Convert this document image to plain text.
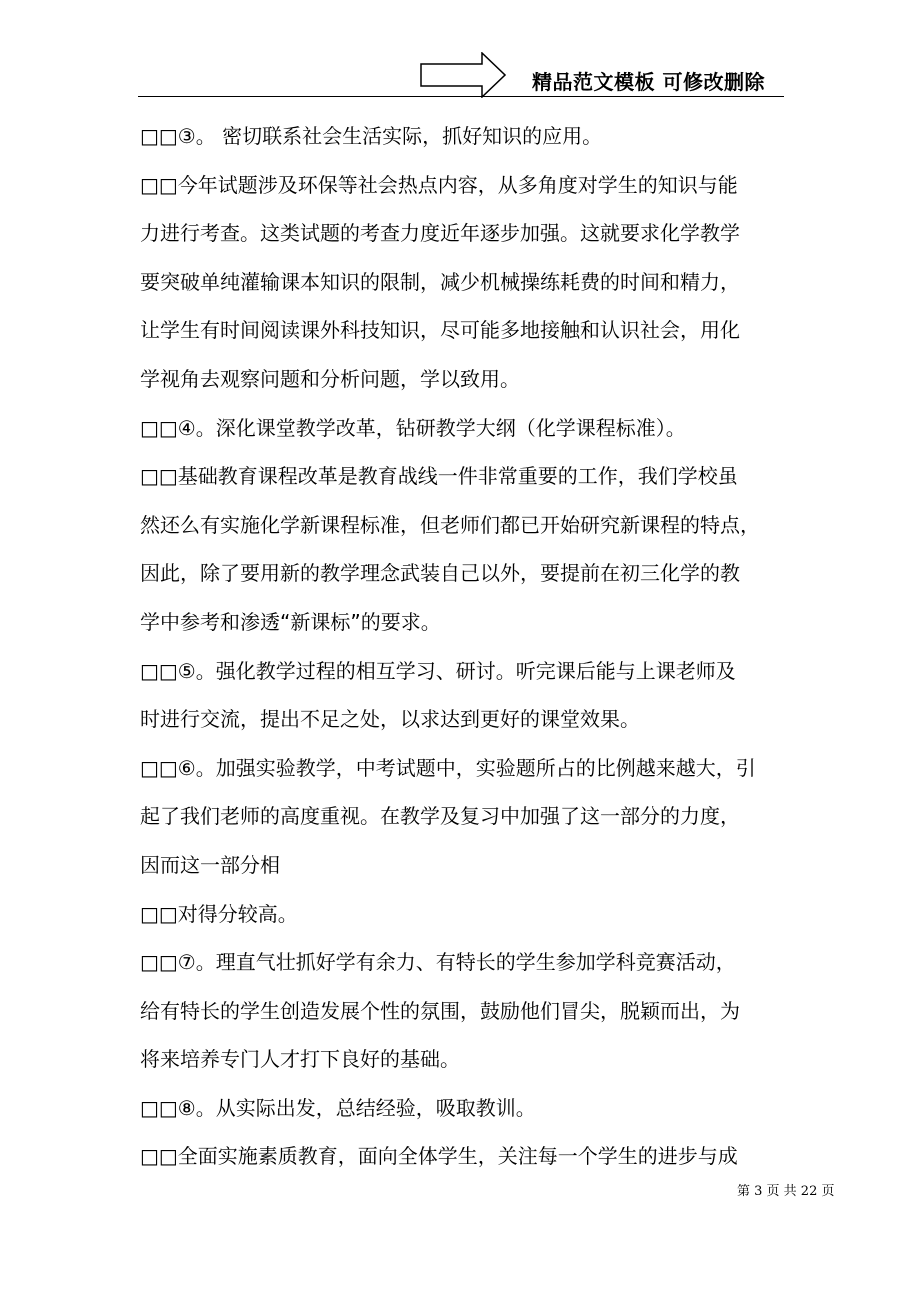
精品范文模板 可修改删除
□□③。 密切联系社会生活实际，抓好知识的应用。
□□今年试题涉及环保等社会热点内容，从多角度对学生的知识与能
力进行考查。这类试题的考查力度近年逐步加强。这就要求化学教学
要突破单纯灌输课本知识的限制，减少机械操练耗费的时间和精力，
让学生有时间阅读课外科技知识，尽可能多地接触和认识社会，用化
学视角去观察问题和分析问题，学以致用。
□□④。深化课堂教学改革，钻研教学大纲（化学课程标准）。
□□基础教育课程改革是教育战线一件非常重要的工作，我们学校虽
然还么有实施化学新课程标准，但老师们都已开始研究新课程的特点，
因此，除了要用新的教学理念武装自己以外，要提前在初三化学的教
学中参考和渗透“新课标”的要求。
□□⑤。强化教学过程的相互学习、研讨。听完课后能与上课老师及
时进行交流，提出不足之处，以求达到更好的课堂效果。
□□⑥。加强实验教学，中考试题中，实验题所占的比例越来越大，引
起了我们老师的高度重视。在教学及复习中加强了这一部分的力度，
因而这一部分相
□□对得分较高。
□□⑦。理直气壮抓好学有余力、有特长的学生参加学科竞赛活动，
给有特长的学生创造发展个性的氛围，鼓励他们冒尖，脱颖而出，为
将来培养专门人才打下良好的基础。
□□⑧。从实际出发，总结经验，吸取教训。
□□全面实施素质教育，面向全体学生，关注每一个学生的进步与成
第 3 页 共 22 页
